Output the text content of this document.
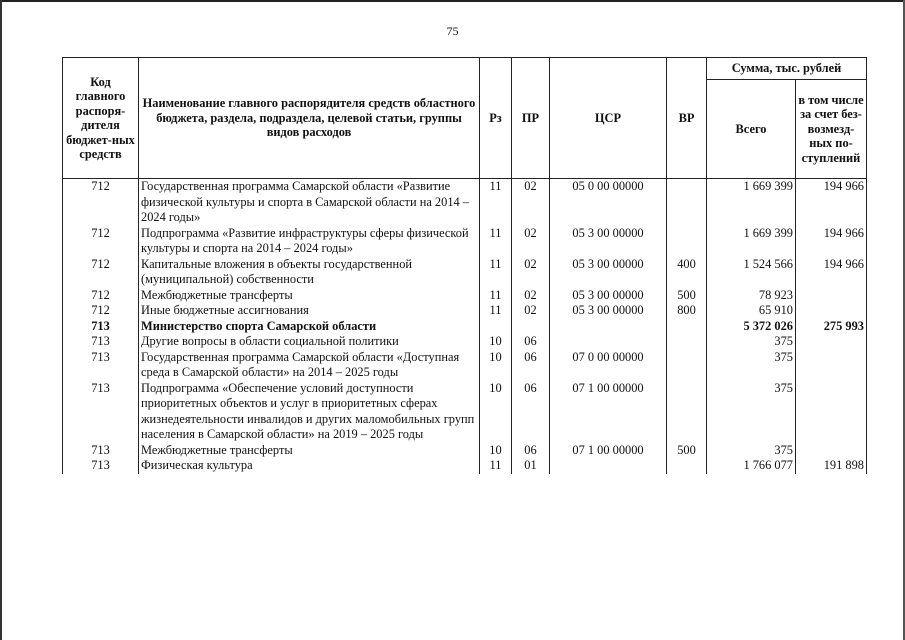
75
Код главного распоря-дителя бюджет-ных средств	Наименование главного распорядителя средств областного бюджета, раздела, подраздела, целевой статьи, группы видов расходов	Рз	ПР	ЦСР	ВР	Сумма, тыс. рублей	
						Всего	в том числе за счет без-возмезд-ных по-ступлений
712	Государственная программа Самарской области «Развитие физической культуры и спорта в Самарской области на 2014 – 2024 годы»	11	02	05 0 00 00000		1 669 399	194 966
712	Подпрограмма «Развитие инфраструктуры сферы физической культуры и спорта на 2014 – 2024 годы»	11	02	05 3 00 00000		1 669 399	194 966
712	Капитальные вложения в объекты государственной (муниципальной) собственности	11	02	05 3 00 00000	400	1 524 566	194 966
712	Межбюджетные трансферты	11	02	05 3 00 00000	500	78 923	
712	Иные бюджетные ассигнования	11	02	05 3 00 00000	800	65 910	
713	Министерство спорта Самарской области					5 372 026	275 993
713	Другие вопросы в области социальной политики	10	06			375	
713	Государственная программа Самарской области «Доступная среда в Самарской области» на 2014 – 2025 годы	10	06	07 0 00 00000		375	
713	Подпрограмма «Обеспечение условий доступности приоритетных объектов и услуг в приоритетных сферах жизнедеятельности инвалидов и других маломобильных групп населения в Самарской области» на 2019 – 2025 годы	10	06	07 1 00 00000		375	
713	Межбюджетные трансферты	10	06	07 1 00 00000	500	375	
713	Физическая культура	11	01			1 766 077	191 898
